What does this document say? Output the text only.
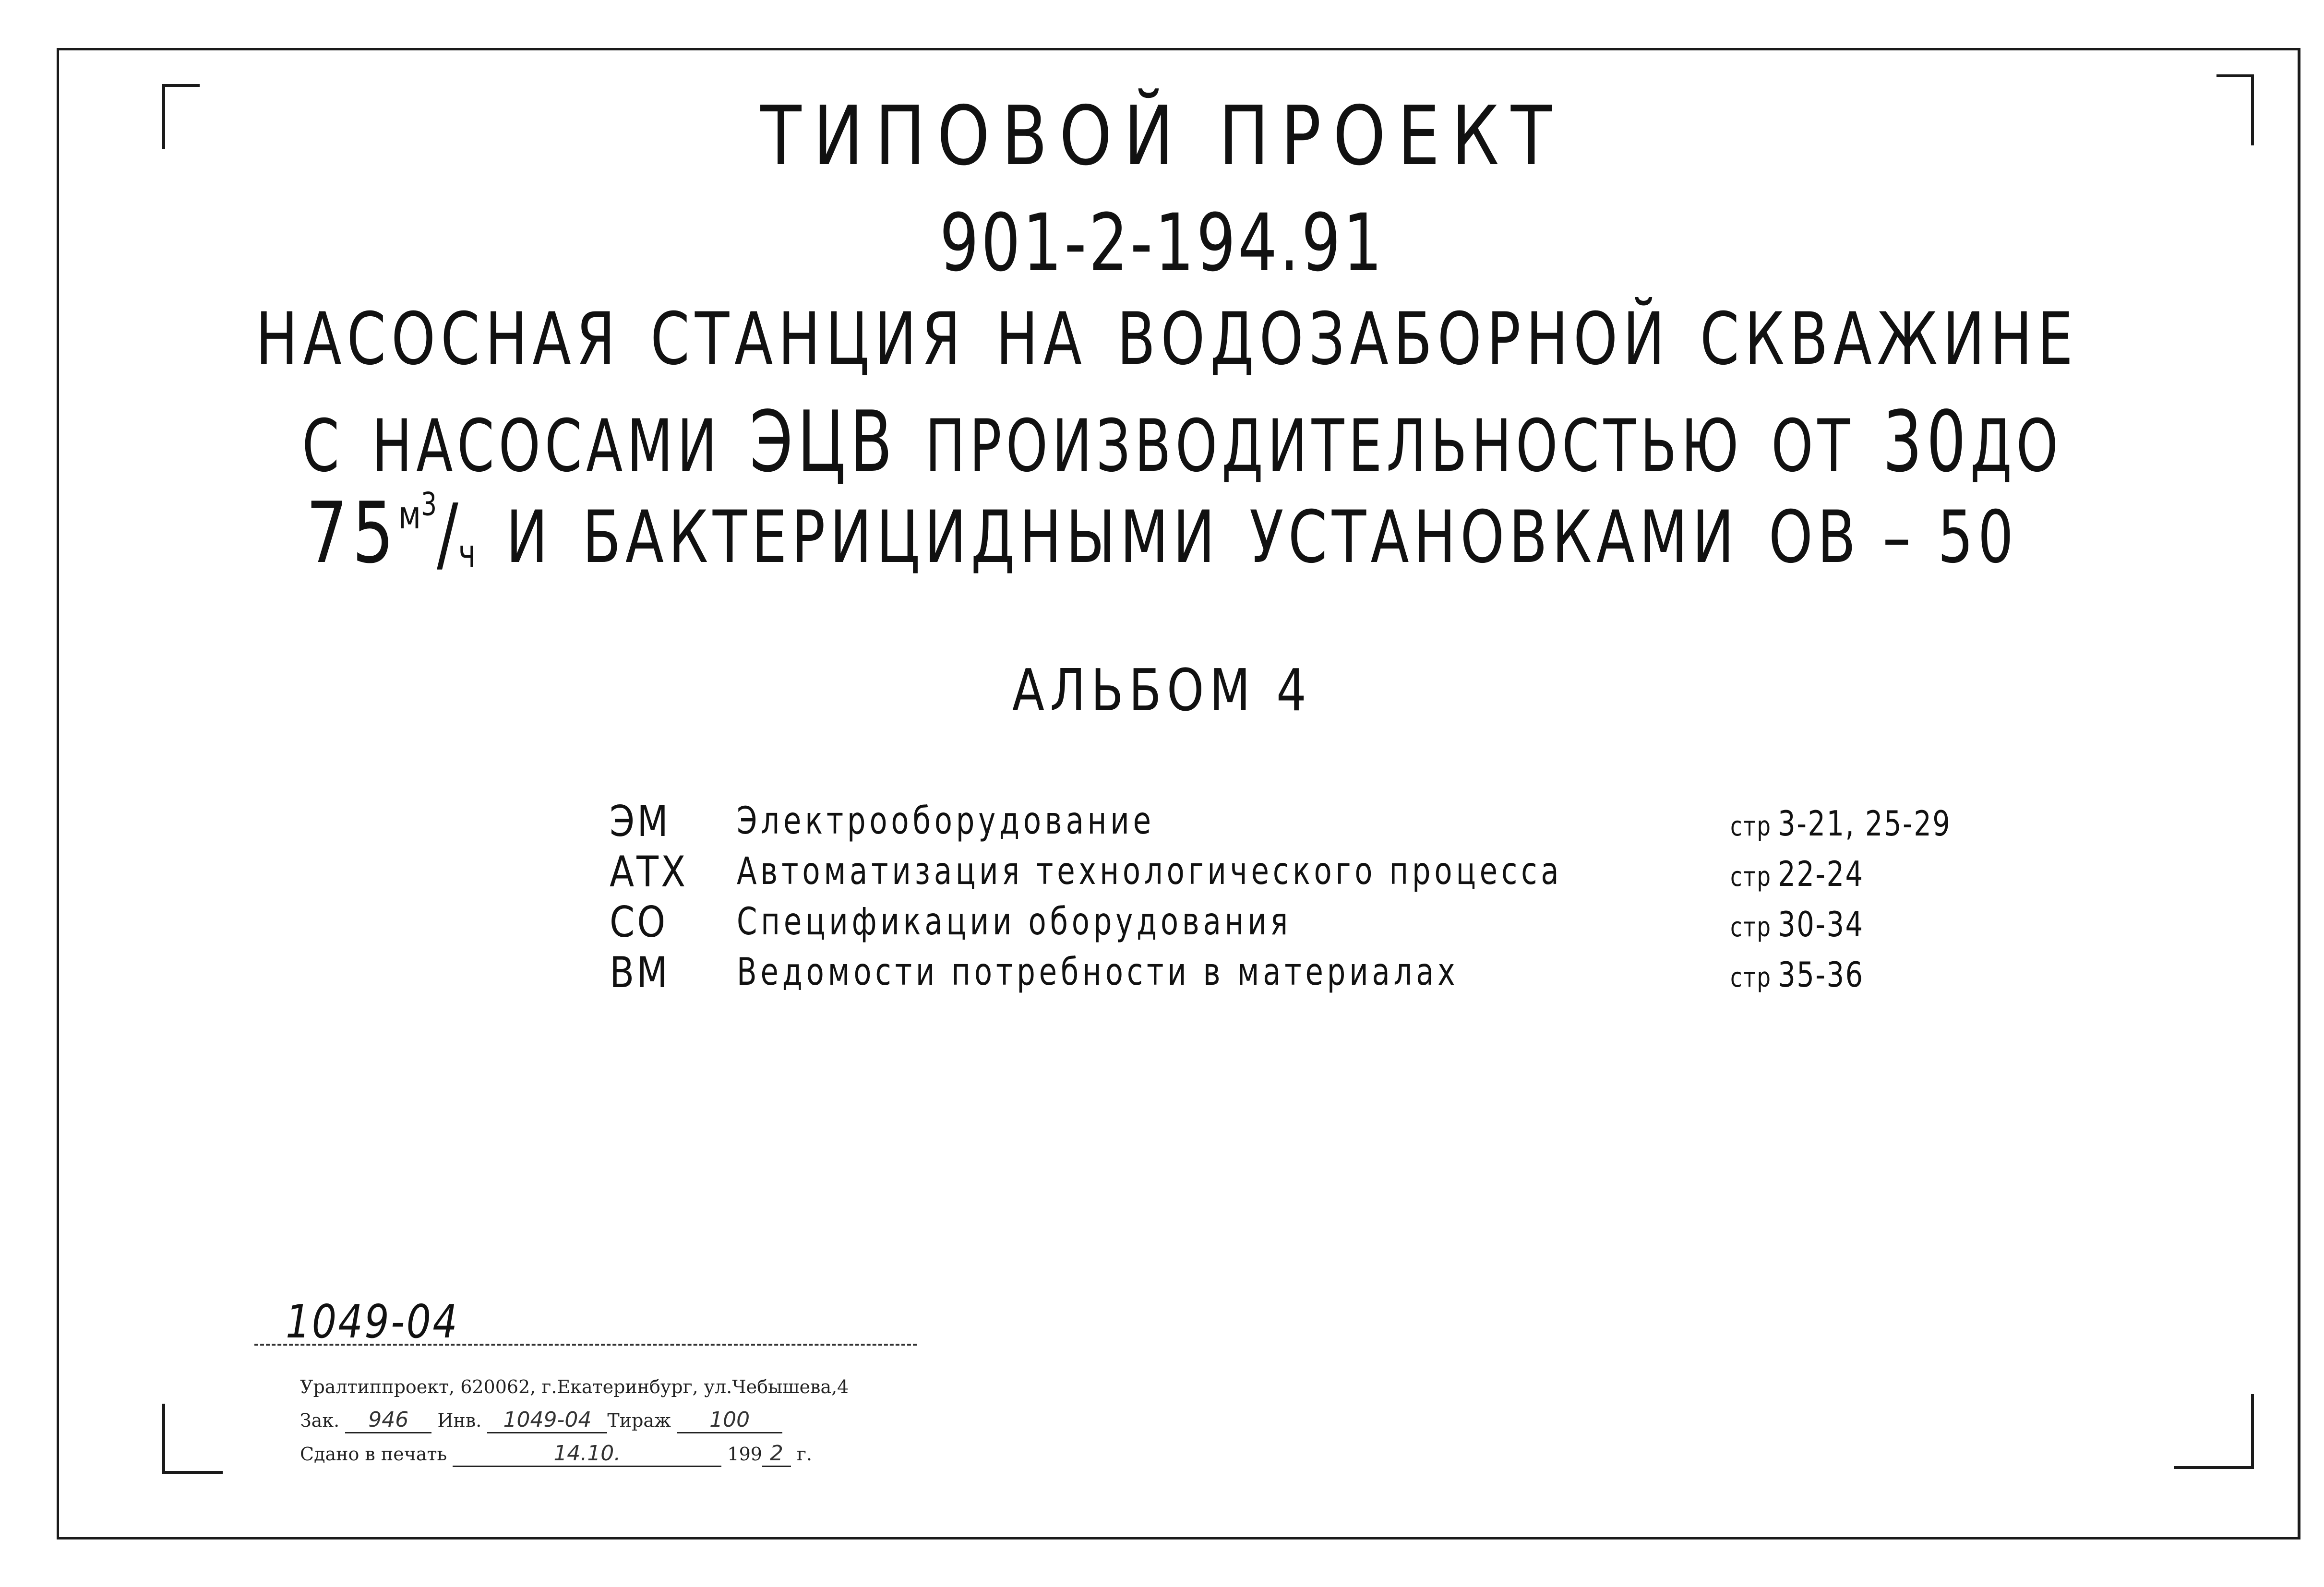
ТИПОВОЙ ПРОЕКТ
901-2-194.91
НАСОСНАЯ СТАНЦИЯ НА ВОДОЗАБОРНОЙ СКВАЖИНЕ
С НАСОСАМИ ЭЦВ ПРОИЗВОДИТЕЛЬНОСТЬЮ ОТ 30ДО
$75^{м^3}/ч$ И БАКТЕРИЦИДНЫМИ УСТАНОВКАМИ ОВ – 50
АЛЬБОМ 4
ЭМ Электрооборудование	стр 3-21, 25-29
АТХ Автоматизация технологического процесса	стр 22-24
СО Спецификации оборудования	стр 30-34
ВМ Ведомости потребности в материалах	стр 35-36
1049-04
Уралтиппроект, 620062, г.Екатеринбург, ул.Чебышева,4
Зак. 946 Инв. 1049-04 Тираж 100
Сдано в печать	14.10.	199 2 г.
